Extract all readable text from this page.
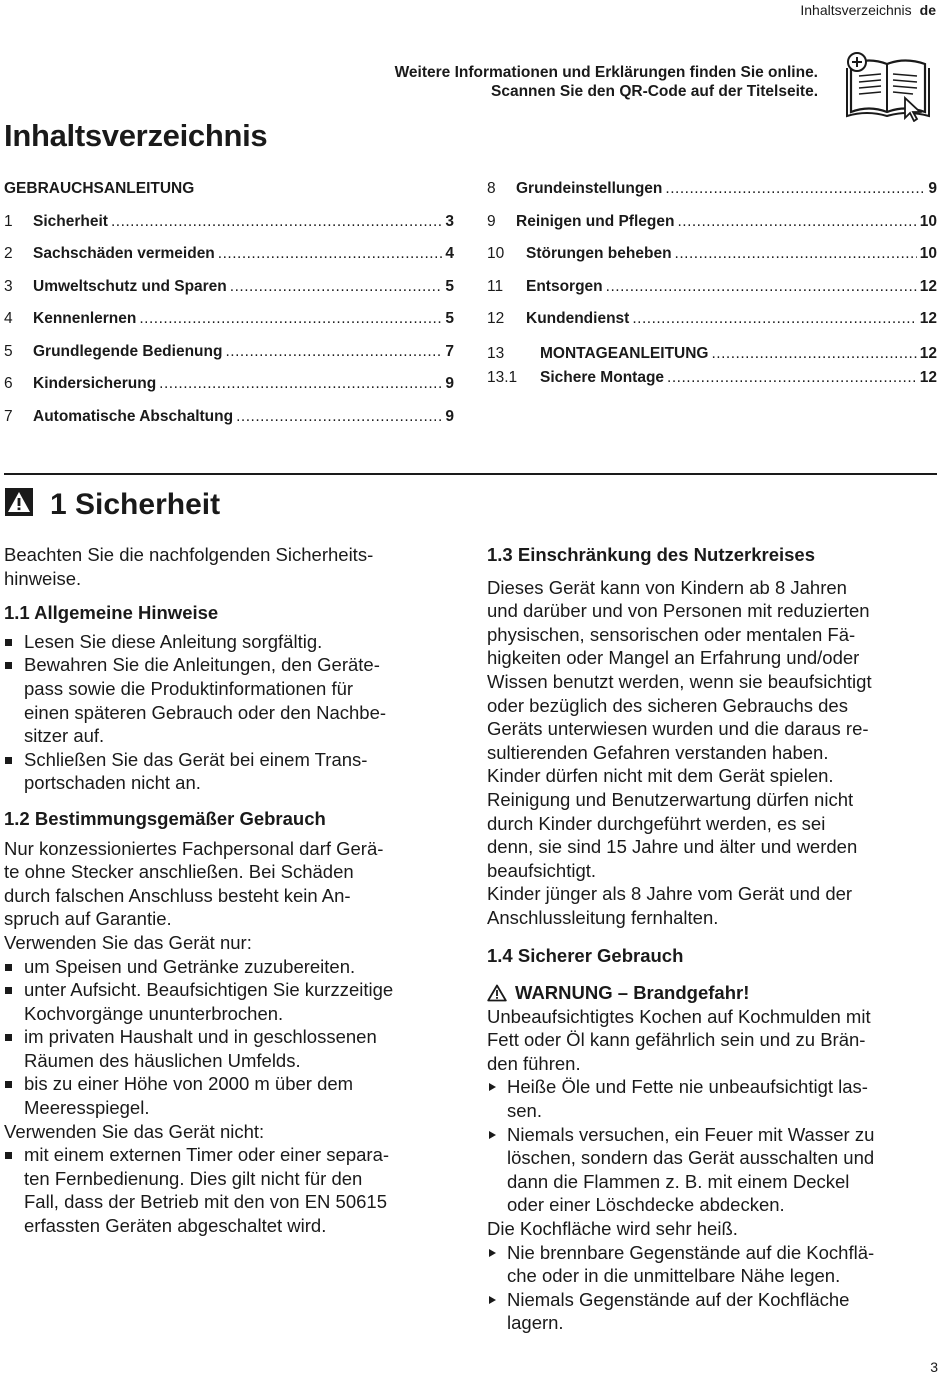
Inhaltsverzeichnis de
Weitere Informationen und Erklärungen finden Sie online.
Scannen Sie den QR-Code auf der Titelseite.
Inhaltsverzeichnis
GEBRAUCHSANLEITUNG
1	Sicherheit .....	3
2	Sachschäden vermeiden .....	4
3	Umweltschutz und Sparen .....	5
4	Kennenlernen .....	5
5	Grundlegende Bedienung .....	7
6	Kindersicherung .....	9
7	Automatische Abschaltung .....	9
8	Grundeinstellungen .....	9
9	Reinigen und Pflegen .....	10
10	Störungen beheben .....	10
11	Entsorgen .....	12
12	Kundendienst .....	12
13	MONTAGEANLEITUNG .....	12
13.1	Sichere Montage .....	12
1 Sicherheit
Beachten Sie die nachfolgenden Sicherheits-
hinweise.
1.1 Allgemeine Hinweise
Lesen Sie diese Anleitung sorgfältig.
Bewahren Sie die Anleitungen, den Geräte-
pass sowie die Produktinformationen für
einen späteren Gebrauch oder den Nachbe-
sitzer auf.
Schließen Sie das Gerät bei einem Trans-
portschaden nicht an.
1.2 Bestimmungsgemäßer Gebrauch
Nur konzessioniertes Fachpersonal darf Gerä-
te ohne Stecker anschließen. Bei Schäden
durch falschen Anschluss besteht kein An-
spruch auf Garantie.

Verwenden Sie das Gerät nur:

um Speisen und Getränke zuzubereiten.
unter Aufsicht. Beaufsichtigen Sie kurzzeitige
Kochvorgänge ununterbrochen.
im privaten Haushalt und in geschlossenen
Räumen des häuslichen Umfelds.
bis zu einer Höhe von 2000 m über dem
Meeresspiegel.

Verwenden Sie das Gerät nicht:

mit einem externen Timer oder einer separa-
ten Fernbedienung. Dies gilt nicht für den
Fall, dass der Betrieb mit den von EN 50615
erfassten Geräten abgeschaltet wird.
1.3 Einschränkung des Nutzerkreises
Dieses Gerät kann von Kindern ab 8 Jahren
und darüber und von Personen mit reduzierten
physischen, sensorischen oder mentalen Fä-
higkeiten oder Mangel an Erfahrung und/oder
Wissen benutzt werden, wenn sie beaufsichtigt
oder bezüglich des sicheren Gebrauchs des
Geräts unterwiesen wurden und die daraus re-
sultierenden Gefahren verstanden haben.
Kinder dürfen nicht mit dem Gerät spielen.
Reinigung und Benutzerwartung dürfen nicht
durch Kinder durchgeführt werden, es sei
denn, sie sind 15 Jahre und älter und werden
beaufsichtigt.
Kinder jünger als 8 Jahre vom Gerät und der
Anschlussleitung fernhalten.
1.4 Sicherer Gebrauch
WARNUNG – Brandgefahr!
Unbeaufsichtigtes Kochen auf Kochmulden mit
Fett oder Öl kann gefährlich sein und zu Brän-
den führen.
Heiße Öle und Fette nie unbeaufsichtigt las-
sen.
Niemals versuchen, ein Feuer mit Wasser zu
löschen, sondern das Gerät ausschalten und
dann die Flammen z. B. mit einem Deckel
oder einer Löschdecke abdecken.

Die Kochfläche wird sehr heiß.

Nie brennbare Gegenstände auf die Kochflä-
che oder in die unmittelbare Nähe legen.
Niemals Gegenstände auf der Kochfläche
lagern.
3
